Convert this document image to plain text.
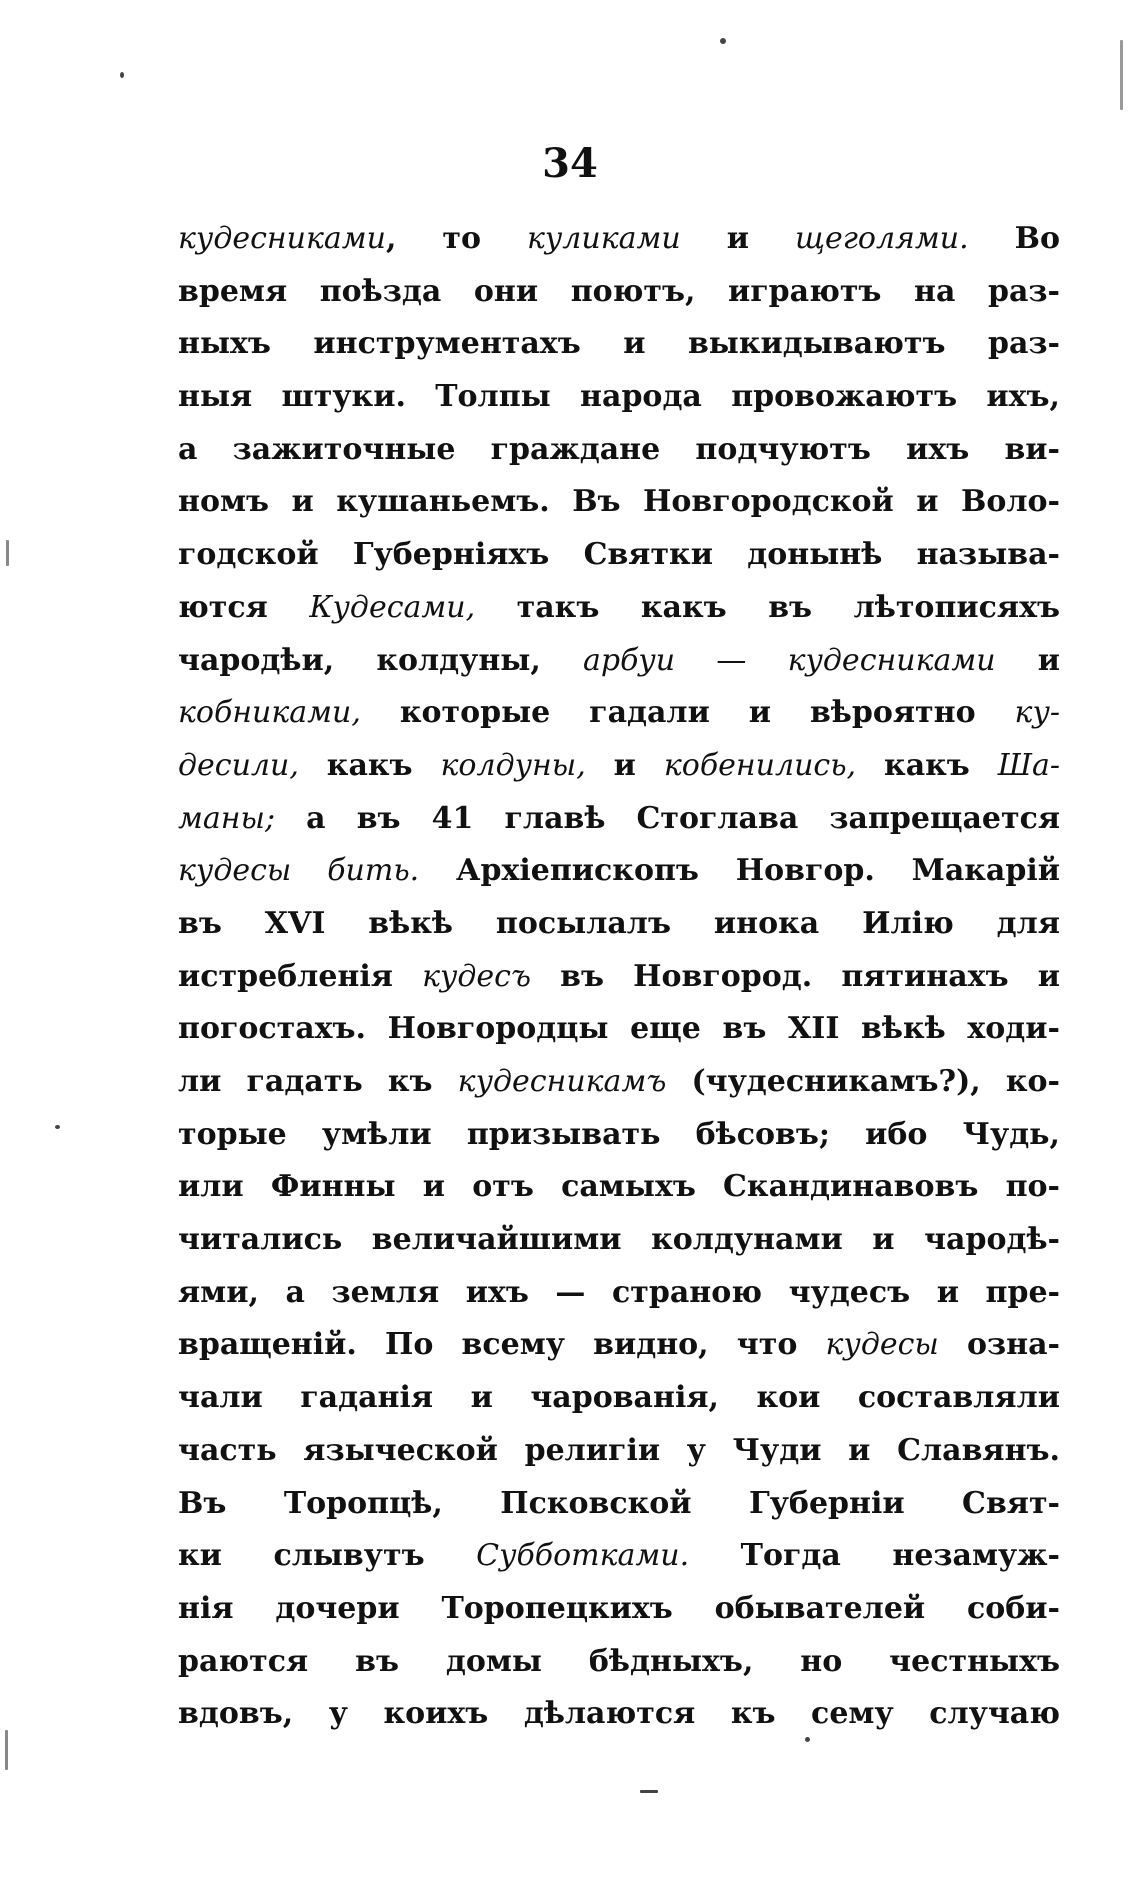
34
кудесниками, то куликами и щеголями. Во
время поѣзда они поютъ, играютъ на раз-
ныхъ инструментахъ и выкидываютъ раз-
ныя штуки. Толпы народа провожаютъ ихъ,
а зажиточные граждане подчуютъ ихъ ви-
номъ и кушаньемъ. Въ Новгородской и Воло-
годской Губерніяхъ Святки донынѣ называ-
ются Кудесами, такъ какъ въ лѣтописяхъ
чародѣи, колдуны, арбуи — кудесниками и
кобниками, которые гадали и вѣроятно ку-
десили, какъ колдуны, и кобенились, какъ Ша-
маны; а въ 41 главѣ Стоглава запрещается
кудесы бить. Архіепископъ Новгор. Макарій
въ XVI вѣкѣ посылалъ инока Илію для
истребленія кудесъ въ Новгород. пятинахъ и
погостахъ. Новгородцы еще въ XII вѣкѣ ходи-
ли гадать къ кудесникамъ (чудесникамъ?), ко-
торые умѣли призывать бѣсовъ; ибо Чудь,
или Финны и отъ самыхъ Скандинавовъ по-
читались величайшими колдунами и чародѣ-
ями, а земля ихъ — страною чудесъ и пре-
вращеній. По всему видно, что кудесы озна-
чали гаданія и чарованія, кои составляли
часть языческой религіи у Чуди и Славянъ.
Въ Торопцѣ, Псковской Губерніи Свят-
ки слывутъ Субботками. Тогда незамуж-
нія дочери Торопецкихъ обывателей соби-
раются въ домы бѣдныхъ, но честныхъ
вдовъ, у коихъ дѣлаются къ сему случаю
